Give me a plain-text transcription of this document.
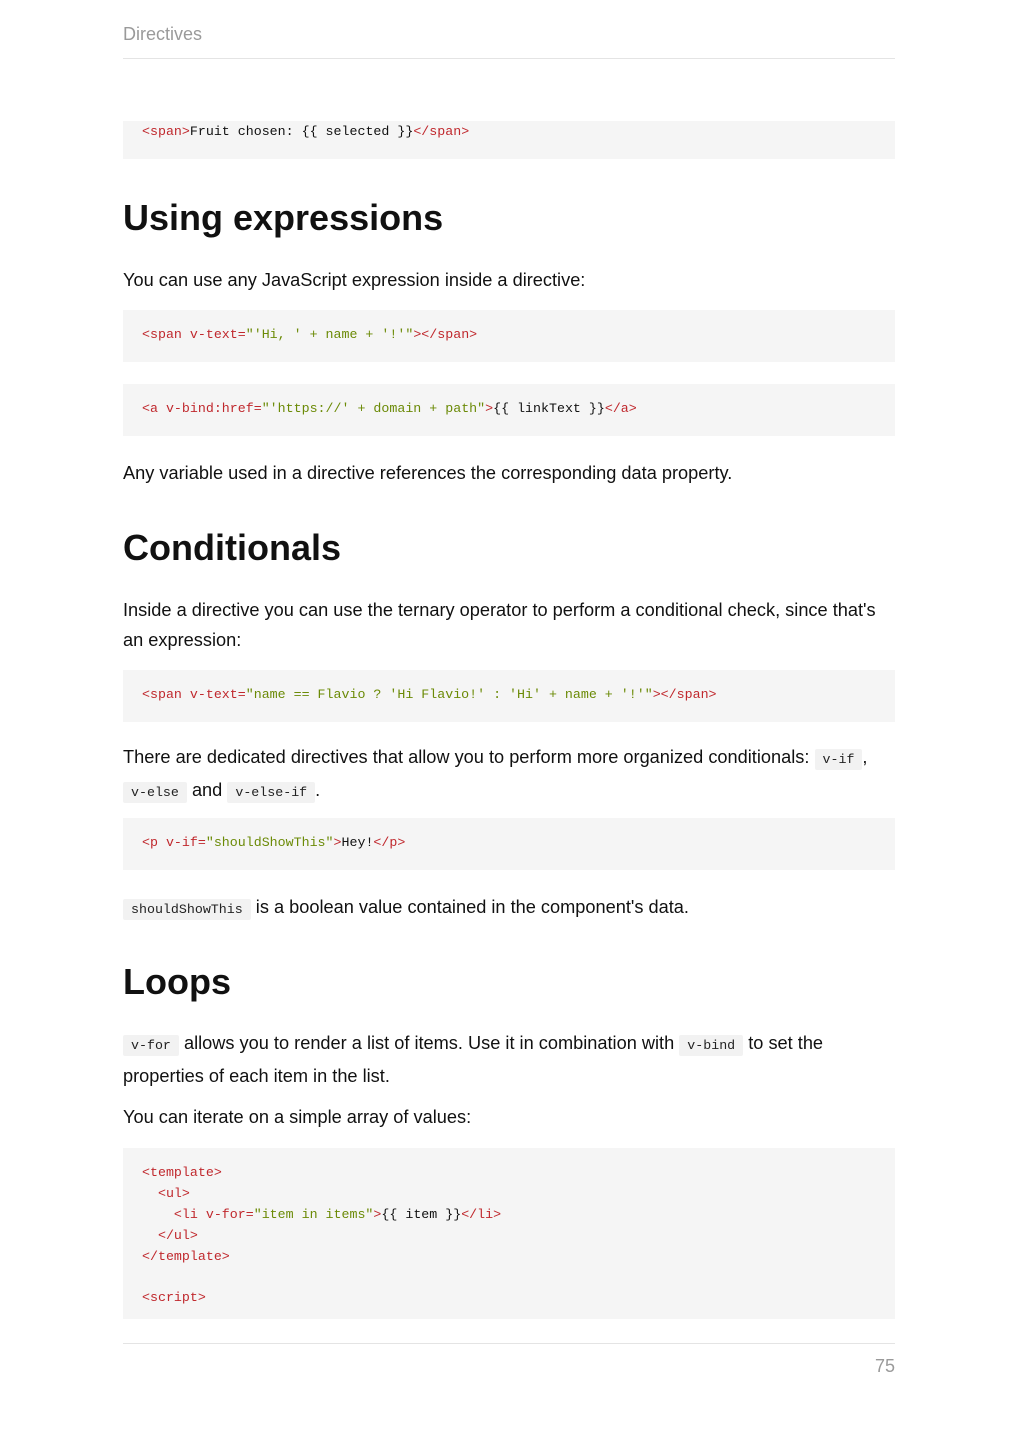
Directives

<span>Fruit chosen: {{ selected }}</span>

Using expressions
You can use any JavaScript expression inside a directive:

<span v-text="'Hi, ' + name + '!'"></span>

<a v-bind:href="'https://' + domain + path">{{ linkText }}</a>

Any variable used in a directive references the corresponding data property.
Conditionals
Inside a directive you can use the ternary operator to perform a conditional check, since that's an expression:

<span v-text="name == Flavio ? 'Hi Flavio!' : 'Hi' + name + '!'"></span>

There are dedicated directives that allow you to perform more organized conditionals: v-if ,
v-else and v-else-if .

<p v-if="shouldShowThis">Hey!</p>

shouldShowThis is a boolean value contained in the component's data.
Loops
v-for allows you to render a list of items. Use it in combination with v-bind to set the properties of each item in the list.
You can iterate on a simple array of values:

<template>

<ul>

<li v-for="item in items">{{ item }}</li>

</ul>

</template>

<script>

75
